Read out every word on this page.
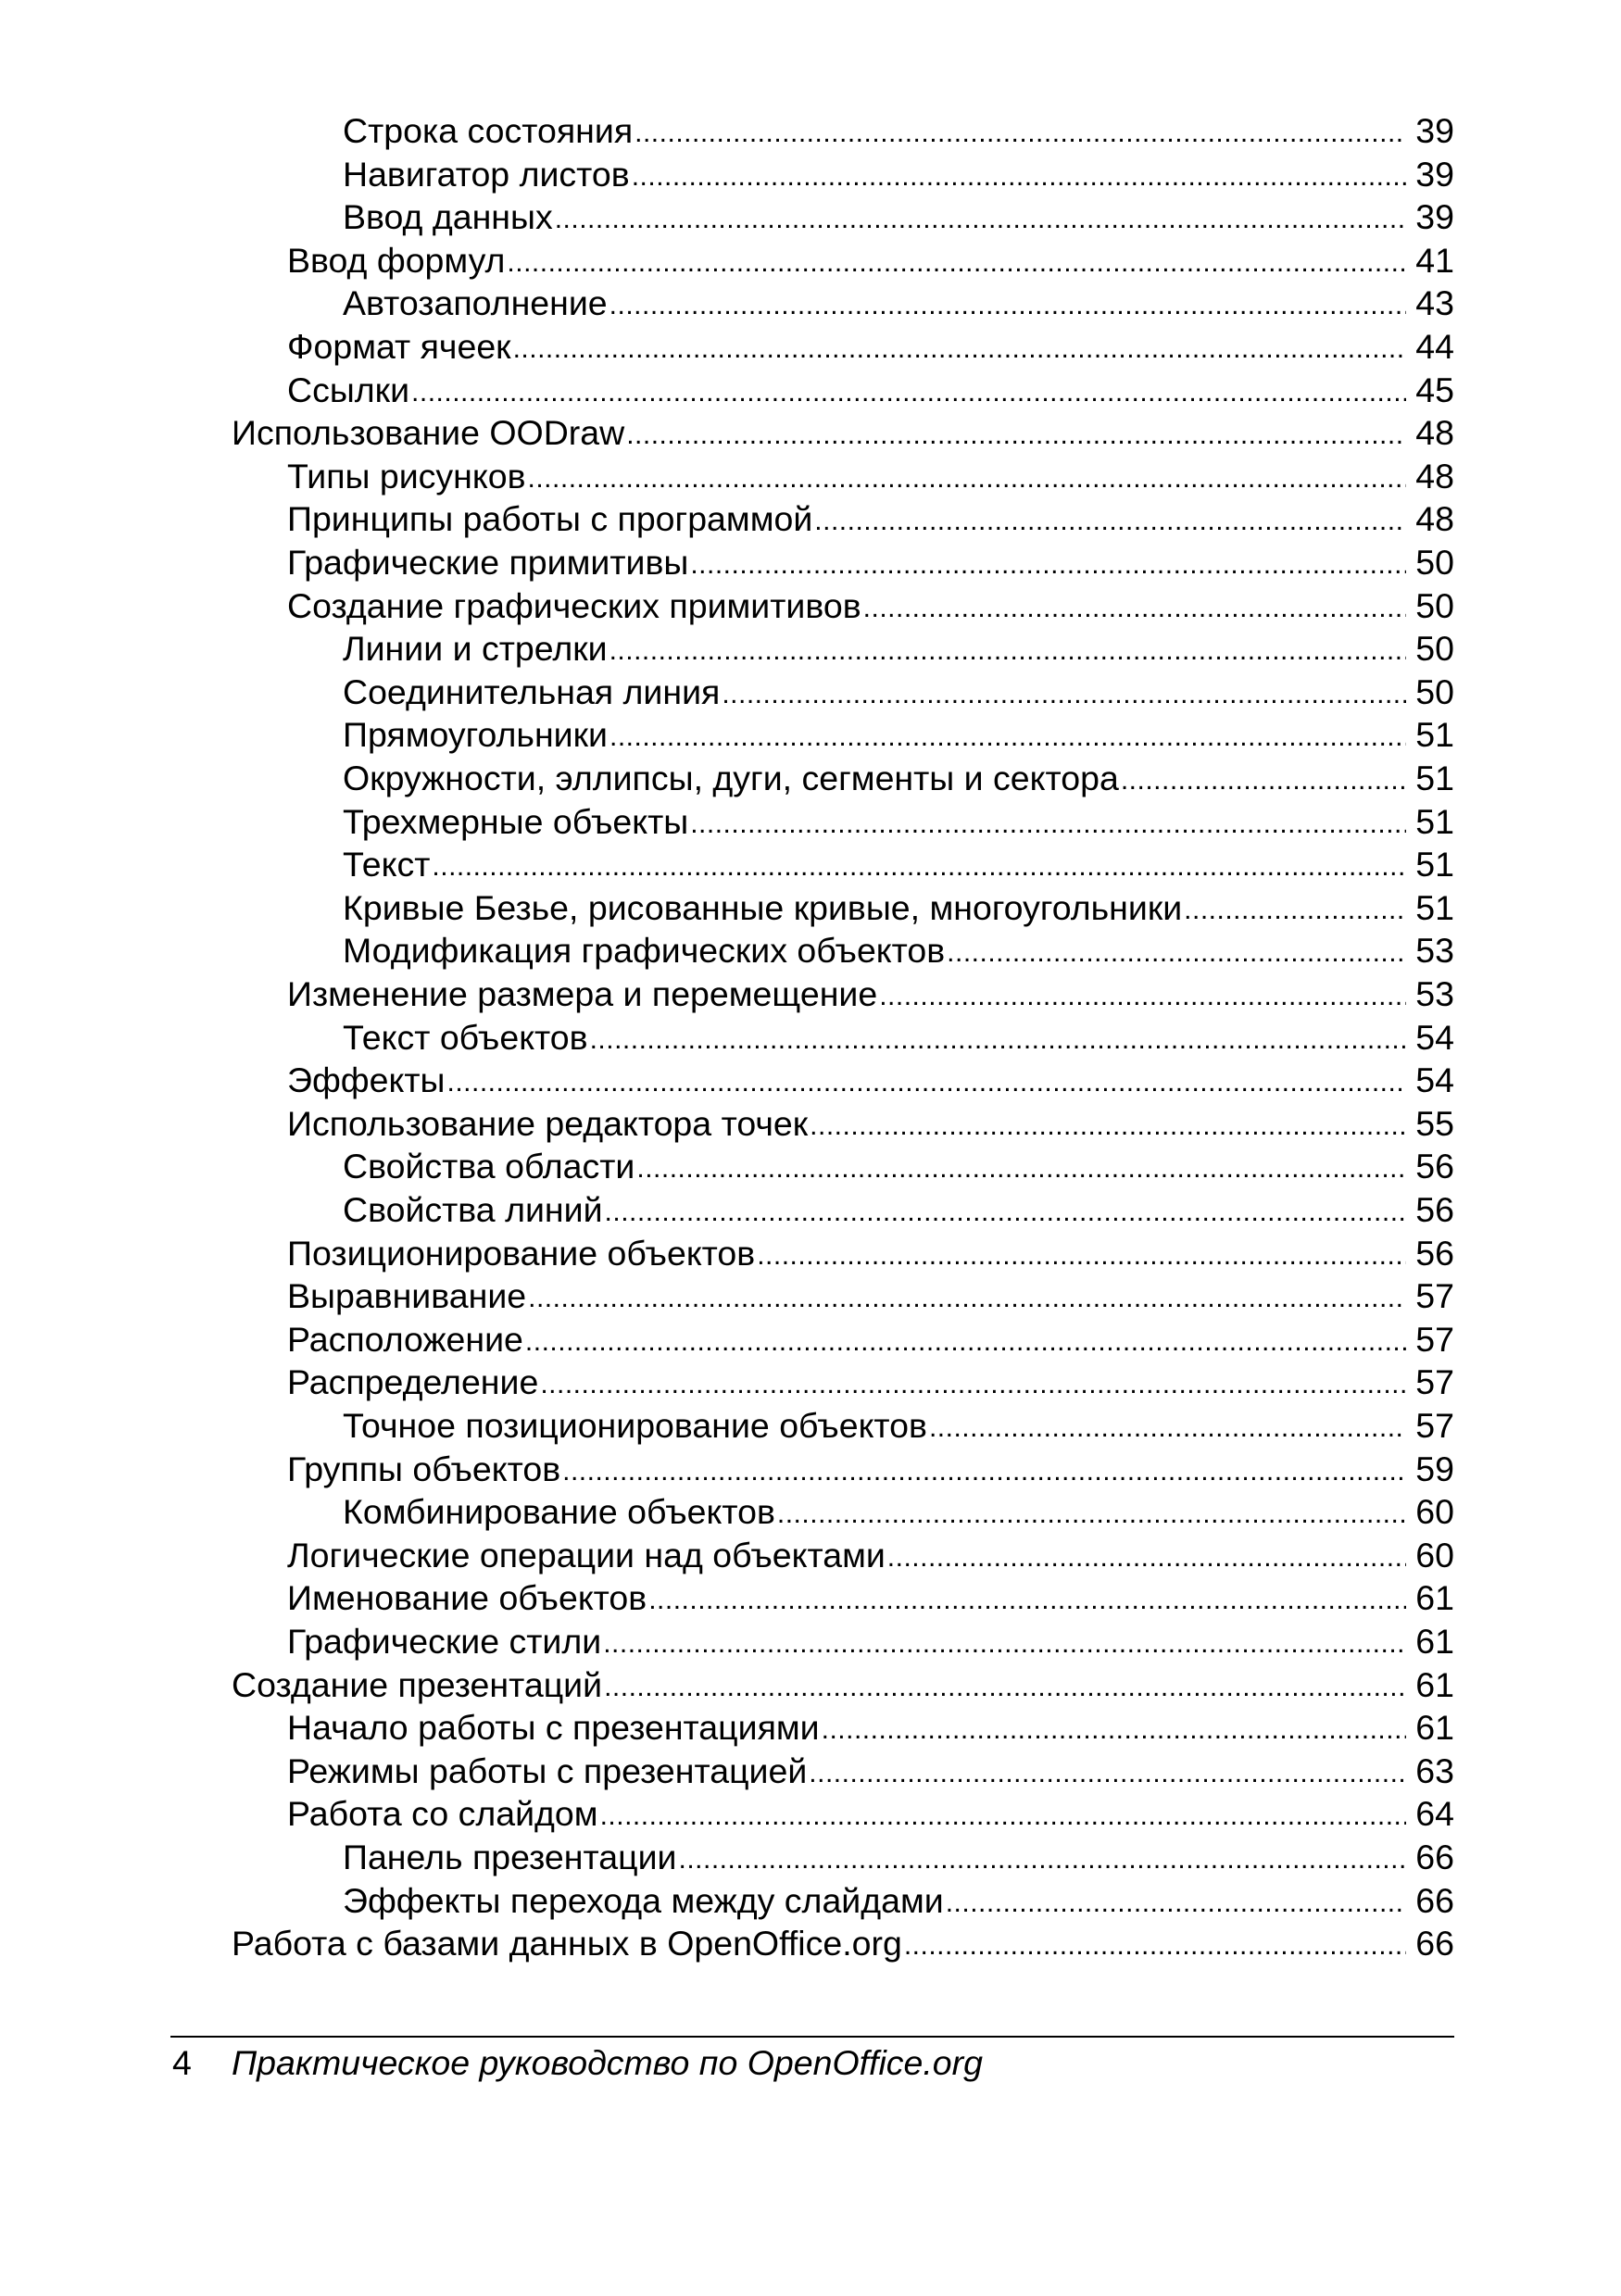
Строка состояния .....	39
Навигатор листов .....	39
Ввод данных .....	39
Ввод формул .....	41
Автозаполнение .....	43
Формат ячеек .....	44
Ссылки .....	45
Использование OODraw .....	48
Типы рисунков .....	48
Принципы работы с программой .....	48
Графические примитивы .....	50
Создание графических примитивов .....	50
Линии и стрелки .....	50
Соединительная линия .....	50
Прямоугольники .....	51
Окружности, эллипсы, дуги, сегменты и сектора .....	51
Трехмерные объекты .....	51
Текст .....	51
Кривые Безье, рисованные кривые, многоугольники .....	51
Модификация графических объектов .....	53
Изменение размера и перемещение .....	53
Текст объектов .....	54
Эффекты .....	54
Использование редактора точек .....	55
Свойства области .....	56
Свойства линий .....	56
Позиционирование объектов .....	56
Выравнивание .....	57
Расположение .....	57
Распределение .....	57
Точное позиционирование объектов .....	57
Группы объектов .....	59
Комбинирование объектов .....	60
Логические операции над объектами .....	60
Именование объектов .....	61
Графические стили .....	61
Создание презентаций .....	61
Начало работы с презентациями .....	61
Режимы работы с презентацией .....	63
Работа со слайдом .....	64
Панель презентации .....	66
Эффекты перехода между слайдами .....	66
Работа с базами данных в OpenOffice.org .....	66
4 Практическое руководство по OpenOffice.org
